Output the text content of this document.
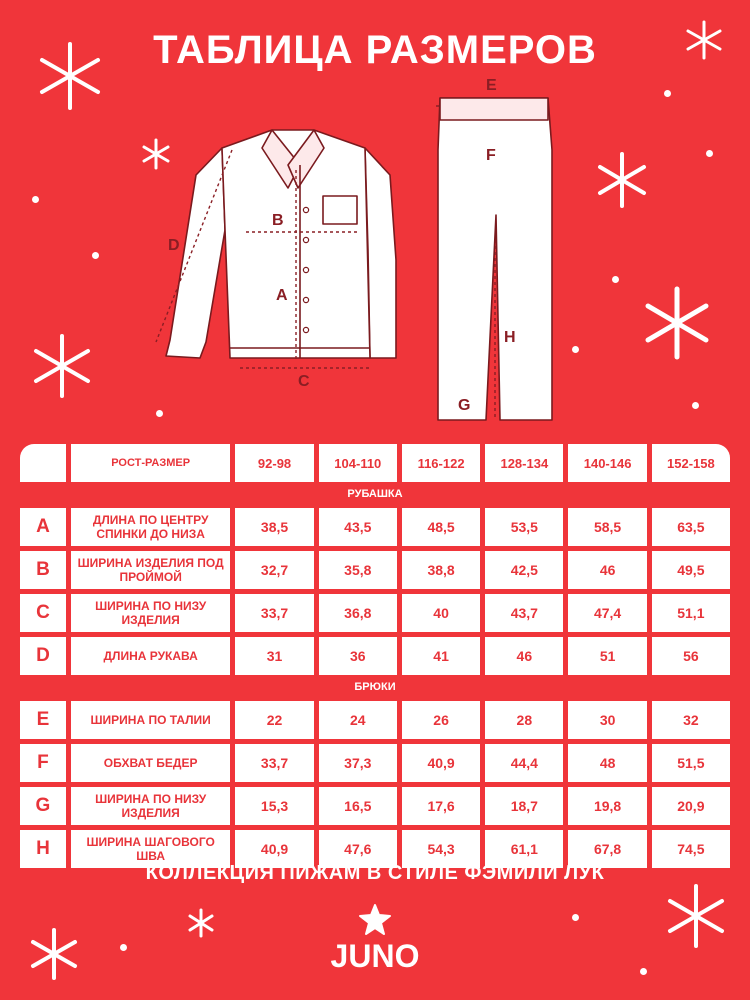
ТАБЛИЦА РАЗМЕРОВ
A
B
C
D
E
F
G
H
РОСТ-РАЗМЕР	92-98	104-110	116-122	128-134	140-146	152-158
РУБАШКА
A	ДЛИНА ПО ЦЕНТРУ СПИНКИ ДО НИЗА	38,5	43,5	48,5	53,5	58,5	63,5
B	ШИРИНА ИЗДЕЛИЯ ПОД ПРОЙМОЙ	32,7	35,8	38,8	42,5	46	49,5
C	ШИРИНА ПО НИЗУ ИЗДЕЛИЯ	33,7	36,8	40	43,7	47,4	51,1
D	ДЛИНА РУКАВА	31	36	41	46	51	56
БРЮКИ
E	ШИРИНА ПО ТАЛИИ	22	24	26	28	30	32
F	ОБХВАТ БЕДЕР	33,7	37,3	40,9	44,4	48	51,5
G	ШИРИНА ПО НИЗУ ИЗДЕЛИЯ	15,3	16,5	17,6	18,7	19,8	20,9
H	ШИРИНА ШАГОВОГО ШВА	40,9	47,6	54,3	61,1	67,8	74,5
КОЛЛЕКЦИЯ ПИЖАМ В СТИЛЕ ФЭМИЛИ ЛУК
JUNO
